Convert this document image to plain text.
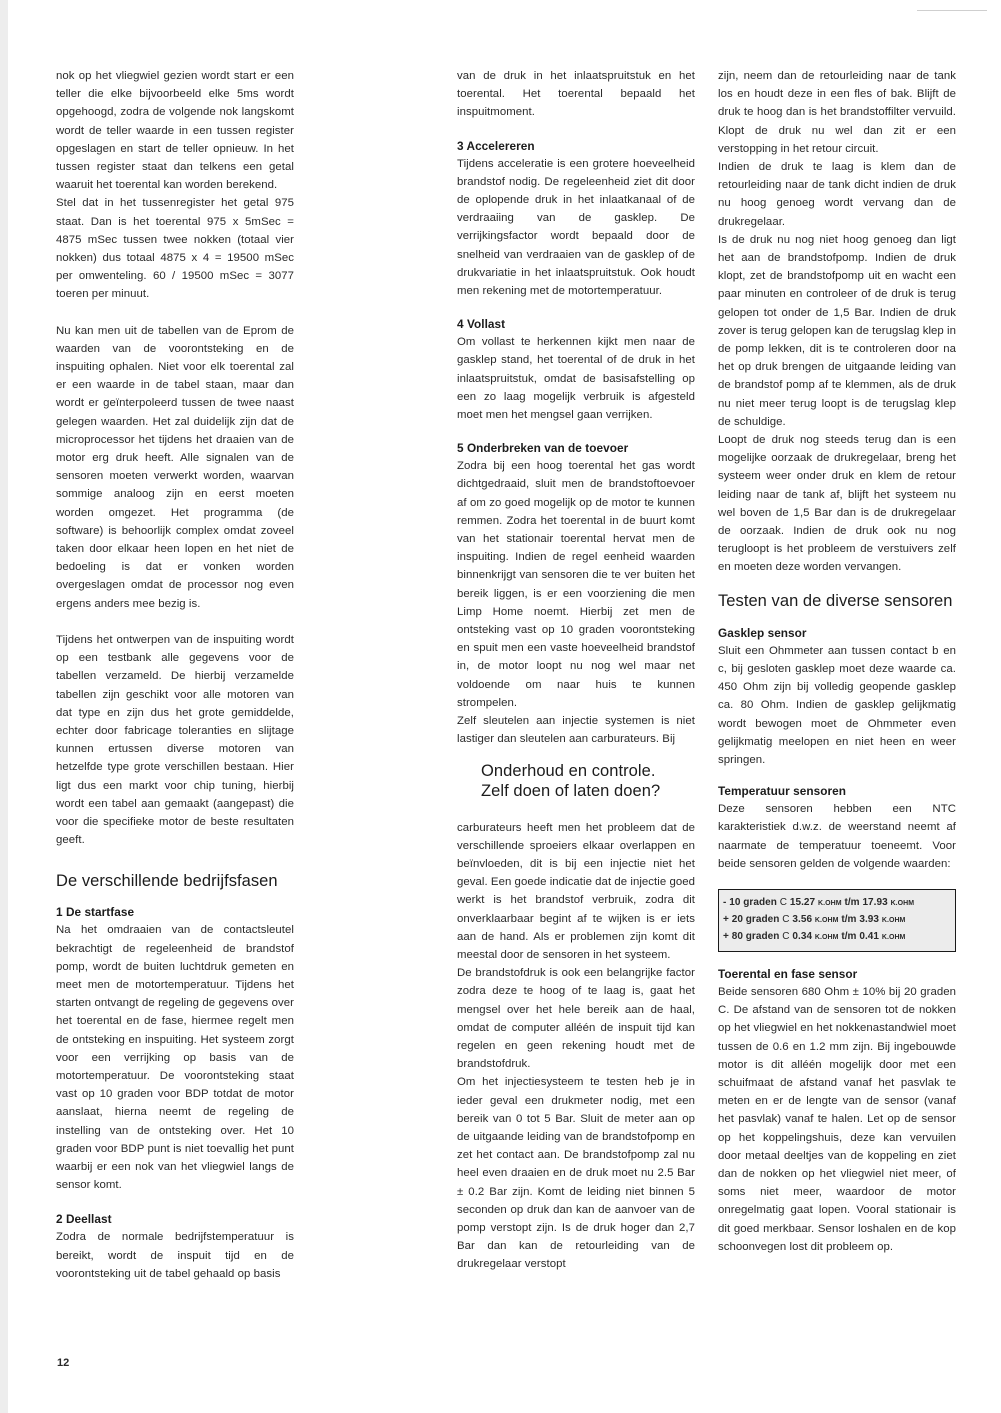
nok op het vliegwiel gezien wordt start er een teller die elke bijvoorbeeld elke 5ms wordt opgehoogd, zodra de volgende nok langskomt wordt de teller waarde in een tussen register opgeslagen en start de teller opnieuw. In het tussen register staat dan telkens een getal waaruit het toerental kan worden berekend.

Stel dat in het tussenregister het getal 975 staat. Dan is het toerental 975 x 5mSec = 4875 mSec tussen twee nokken (totaal vier nokken) dus totaal 4875 x 4 = 19500 mSec per omwenteling. 60 / 19500 mSec = 3077 toeren per minuut.

Nu kan men uit de tabellen van de Eprom de waarden van de voorontsteking en de inspuiting ophalen. Niet voor elk toerental zal er een waarde in de tabel staan, maar dan wordt er geïnterpoleerd tussen de twee naast gelegen waarden. Het zal duidelijk zijn dat de microprocessor het tijdens het draaien van de motor erg druk heeft. Alle signalen van de sensoren moeten verwerkt worden, waarvan sommige analoog zijn en eerst moeten worden omgezet. Het programma (de software) is behoorlijk complex omdat zoveel taken door elkaar heen lopen en het niet de bedoeling is dat er vonken worden overgeslagen omdat de processor nog even ergens anders mee bezig is.

Tijdens het ontwerpen van de inspuiting wordt op een testbank alle gegevens voor de tabellen verzameld. De hierbij verzamelde tabellen zijn geschikt voor alle motoren van dat type en zijn dus het grote gemiddelde, echter door fabricage toleranties en slijtage kunnen ertussen diverse motoren van hetzelfde type grote verschillen bestaan. Hier ligt dus een markt voor chip tuning, hierbij wordt een tabel aan gemaakt (aangepast) die voor die specifieke motor de beste resultaten geeft.

De verschillende bedrijfsfasen
1 De startfase

Na het omdraaien van de contactsleutel bekrachtigt de regeleenheid de brandstof pomp, wordt de buiten luchtdruk gemeten en meet men de motortemperatuur. Tijdens het starten ontvangt de regeling de gegevens over het toerental en de fase, hiermee regelt men de ontsteking en inspuiting. Het systeem zorgt voor een verrijking op basis van de motortemperatuur. De voorontsteking staat vast op 10 graden voor BDP totdat de motor aanslaat, hierna neemt de regeling de instelling van de ontsteking over. Het 10 graden voor BDP punt is niet toevallig het punt waarbij er een nok van het vliegwiel langs de sensor komt.

2 Deellast

Zodra de normale bedrijfstemperatuur is bereikt, wordt de inspuit tijd en de voorontsteking uit de tabel gehaald op basis

van de druk in het inlaatspruitstuk en het toerental. Het toerental bepaald het inspuitmoment.

3 Accelereren

Tijdens acceleratie is een grotere hoeveelheid brandstof nodig. De regeleenheid ziet dit door de oplopende druk in het inlaatkanaal of de verdraaiing van de gasklep. De verrijkingsfactor wordt bepaald door de snelheid van verdraaien van de gasklep of de drukvariatie in het inlaatspruitstuk. Ook houdt men rekening met de motortemperatuur.

4 Vollast

Om vollast te herkennen kijkt men naar de gasklep stand, het toerental of de druk in het inlaatspruitstuk, omdat de basisafstelling op een zo laag mogelijk verbruik is afgesteld moet men het mengsel gaan verrijken.

5 Onderbreken van de toevoer

Zodra bij een hoog toerental het gas wordt dichtgedraaid, sluit men de brandstoftoevoer af om zo goed mogelijk op de motor te kunnen remmen. Zodra het toerental in de buurt komt van het stationair toerental hervat men de inspuiting. Indien de regel eenheid waarden binnenkrijgt van sensoren die te ver buiten het bereik liggen, is er een voorziening die men Limp Home noemt. Hierbij zet men de ontsteking vast op 10 graden voorontsteking en spuit men een vaste hoeveelheid brandstof in, de motor loopt nu nog wel maar net voldoende om naar huis te kunnen strompelen.

Zelf sleutelen aan injectie systemen is niet lastiger dan sleutelen aan carburateurs. Bij

Onderhoud en controle.
Zelf doen of laten doen?

carburateurs heeft men het probleem dat de verschillende sproeiers elkaar overlappen en beïnvloeden, dit is bij een injectie niet het geval. Een goede indicatie dat de injectie goed werkt is het brandstof verbruik, zodra dit onverklaarbaar begint af te wijken is er iets aan de hand. Als er problemen zijn komt dit meestal door de sensoren in het systeem.

De brandstofdruk is ook een belangrijke factor zodra deze te hoog of te laag is, gaat het mengsel over het hele bereik aan de haal, omdat de computer alléén de inspuit tijd kan regelen en geen rekening houdt met de brandstofdruk.

Om het injectiesysteem te testen heb je in ieder geval een drukmeter nodig, met een bereik van 0 tot 5 Bar. Sluit de meter aan op de uitgaande leiding van de brandstofpomp en zet het contact aan. De brandstofpomp zal nu heel even draaien en de druk moet nu 2.5 Bar ± 0.2 Bar zijn. Komt de leiding niet binnen 5 seconden op druk dan kan de aanvoer van de pomp verstopt zijn. Is de druk hoger dan 2,7 Bar dan kan de retourleiding van de drukregelaar verstopt

zijn, neem dan de retourleiding naar de tank los en houdt deze in een fles of bak. Blijft de druk te hoog dan is het brandstoffilter vervuild. Klopt de druk nu wel dan zit er een verstopping in het retour circuit.

Indien de druk te laag is klem dan de retourleiding naar de tank dicht indien de druk nu hoog genoeg wordt vervang dan de drukregelaar.

Is de druk nu nog niet hoog genoeg dan ligt het aan de brandstofpomp. Indien de druk klopt, zet de brandstofpomp uit en wacht een paar minuten en controleer of de druk is terug gelopen tot onder de 1,5 Bar. Indien de druk zover is terug gelopen kan de terugslag klep in de pomp lekken, dit is te controleren door na het op druk brengen de uitgaande leiding van de brandstof pomp af te klemmen, als de druk nu niet meer terug loopt is de terugslag klep de schuldige.

Loopt de druk nog steeds terug dan is een mogelijke oorzaak de drukregelaar, breng het systeem weer onder druk en klem de retour leiding naar de tank af, blijft het systeem nu wel boven de 1,5 Bar dan is de drukregelaar de oorzaak. Indien de druk ook nu nog terugloopt is het probleem de verstuivers zelf en moeten deze worden vervangen.

Testen van de diverse sensoren
Gasklep sensor

Sluit een Ohmmeter aan tussen contact b en c, bij gesloten gasklep moet deze waarde ca. 450 Ohm zijn bij volledig geopende gasklep ca. 80 Ohm. Indien de gasklep gelijkmatig wordt bewogen moet de Ohmmeter even gelijkmatig meelopen en niet heen en weer springen.

Temperatuur sensoren

Deze sensoren hebben een NTC karakteristiek d.w.z. de weerstand neemt af naarmate de temperatuur toeneemt. Voor beide sensoren gelden de volgende waarden:

- 10 graden C 15.27 K.OHM t/m 17.93 K.OHM
+ 20 graden C 3.56 K.OHM t/m 3.93 K.OHM
+ 80 graden C 0.34 K.OHM t/m 0.41 K.OHM
Toerental en fase sensor

Beide sensoren 680 Ohm ± 10% bij 20 graden C. De afstand van de sensoren tot de nokken op het vliegwiel en het nokkenastandwiel moet tussen de 0.6 en 1.2 mm zijn. Bij ingebouwde motor is dit alléén mogelijk door met een schuifmaat de afstand vanaf het pasvlak te meten en er de lengte van de sensor (vanaf het pasvlak) vanaf te halen. Let op de sensor op het koppelingshuis, deze kan vervuilen door metaal deeltjes van de koppeling en ziet dan de nokken op het vliegwiel niet meer, of soms niet meer, waardoor de motor onregelmatig gaat lopen. Vooral stationair is dit goed merkbaar. Sensor loshalen en de kop schoonvegen lost dit probleem op.

12
